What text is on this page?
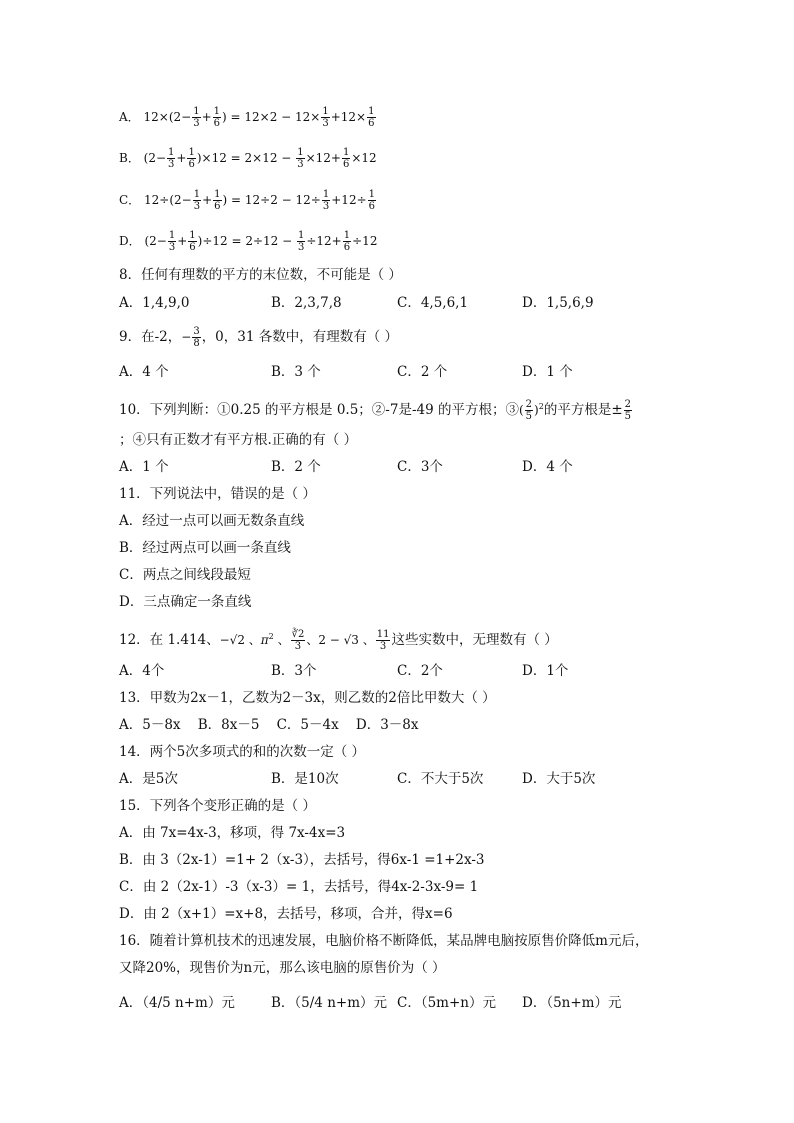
A． $12\times(2- \frac{1}{3} + \frac{1}{6}$ ) = $12\times 2 - 12\times \frac{1}{3} +12\times \frac{1}{6}$
B． $(2- \frac{1}{3} + \frac{1}{6} )\times 12 = 2\times 12 - \frac{1}{3} \times 12+ \frac{1}{6} \times 12$
C． $12\div(2- \frac{1}{3} + \frac{1}{6}$ ) = $12\div 2 - 12\div \frac{1}{3} +12\div \frac{1}{6}$
D． $(2- \frac{1}{3} + \frac{1}{6} )\div 12 = 2\div 12 - \frac{1}{3} \div 12+ \frac{1}{6} \div 12$
8．任何有理数的平方的末位数，不可能是（ ）
A．1,4,9,0	B．2,3,7,8	C．4,5,6,1	D．1,5,6,9
9．在-2，− $\frac{3}{8}$ ，0，31 各数中，有理数有（ ）
A．4 个	B．3 个	C．2 个	D．1 个
10．下列判断：①0.25 的平方根是 0.5；②-7是-49 的平方根；③( $\frac{2}{5} )^2$的平方根是± $\frac{2}{5}$
；④只有正数才有平方根.正确的有（ ）
A．1 个	B．2 个	C．3个	D．4 个
11．下列说法中，错误的是（ ）
A．经过一点可以画无数条直线
B．经过两点可以画一条直线
C．两点之间线段最短
D．三点确定一条直线
12．在 1.414、−√2 、$\pi^2$ 、 $\frac{∛2}{3}$ 、2 − √3 、 $\frac{11}{3}$ 这些实数中，无理数有（ ）
A．4个	B．3个	C．2个	D．1个
13．甲数为2x－1，乙数为2－3x，则乙数的2倍比甲数大（ ）
A．5－8x    B．8x－5    C．5－4x    D．3－8x
14．两个5次多项式的和的次数一定（ ）
A．是5次	B．是10次	C．不大于5次	D．大于5次
15．下列各个变形正确的是（ ）
A．由 7x=4x-3，移项，得 7x-4x=3
B．由 3（2x-1）=1+ 2（x-3），去括号，得6x-1 =1+2x-3
C．由 2（2x-1）-3（x-3）= 1，去括号，得4x-2-3x-9= 1
D．由 2（x+1）=x+8，去括号，移项，合并，得x=6
16．随着计算机技术的迅速发展，电脑价格不断降低，某品牌电脑按原售价降低m元后，
又降20%，现售价为n元，那么该电脑的原售价为（ ）
A．（4/5 n+m）元	B．（5/4 n+m）元 C．（5m+n）元 D．（5n+m）元
